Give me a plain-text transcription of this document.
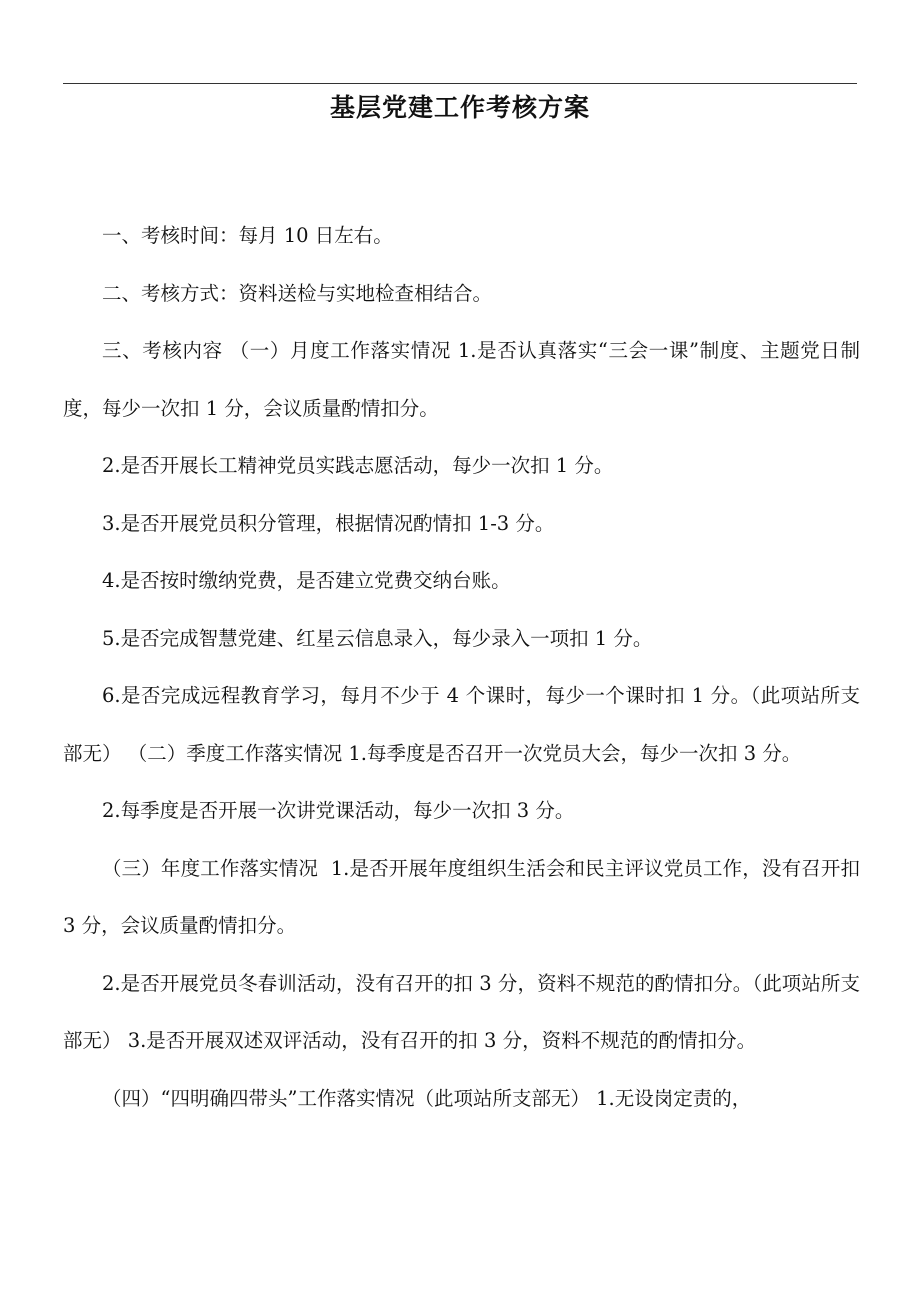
基层党建工作考核方案

一、考核时间：每月 10 日左右。

二、考核方式：资料送检与实地检查相结合。

三、考核内容 （一）月度工作落实情况 1.是否认真落实“三会一课”制度、主题党日制度，每少一次扣 1 分，会议质量酌情扣分。

2.是否开展长工精神党员实践志愿活动，每少一次扣 1 分。

3.是否开展党员积分管理，根据情况酌情扣 1-3 分。

4.是否按时缴纳党费，是否建立党费交纳台账。

5.是否完成智慧党建、红星云信息录入，每少录入一项扣 1 分。

6.是否完成远程教育学习，每月不少于 4 个课时，每少一个课时扣 1 分。（此项站所支部无） （二）季度工作落实情况 1.每季度是否召开一次党员大会，每少一次扣 3 分。

2.每季度是否开展一次讲党课活动，每少一次扣 3 分。

（三）年度工作落实情况  1.是否开展年度组织生活会和民主评议党员工作，没有召开扣 3 分，会议质量酌情扣分。

2.是否开展党员冬春训活动，没有召开的扣 3 分，资料不规范的酌情扣分。（此项站所支部无） 3.是否开展双述双评活动，没有召开的扣 3 分，资料不规范的酌情扣分。

（四）“四明确四带头”工作落实情况（此项站所支部无） 1.无设岗定责的，
